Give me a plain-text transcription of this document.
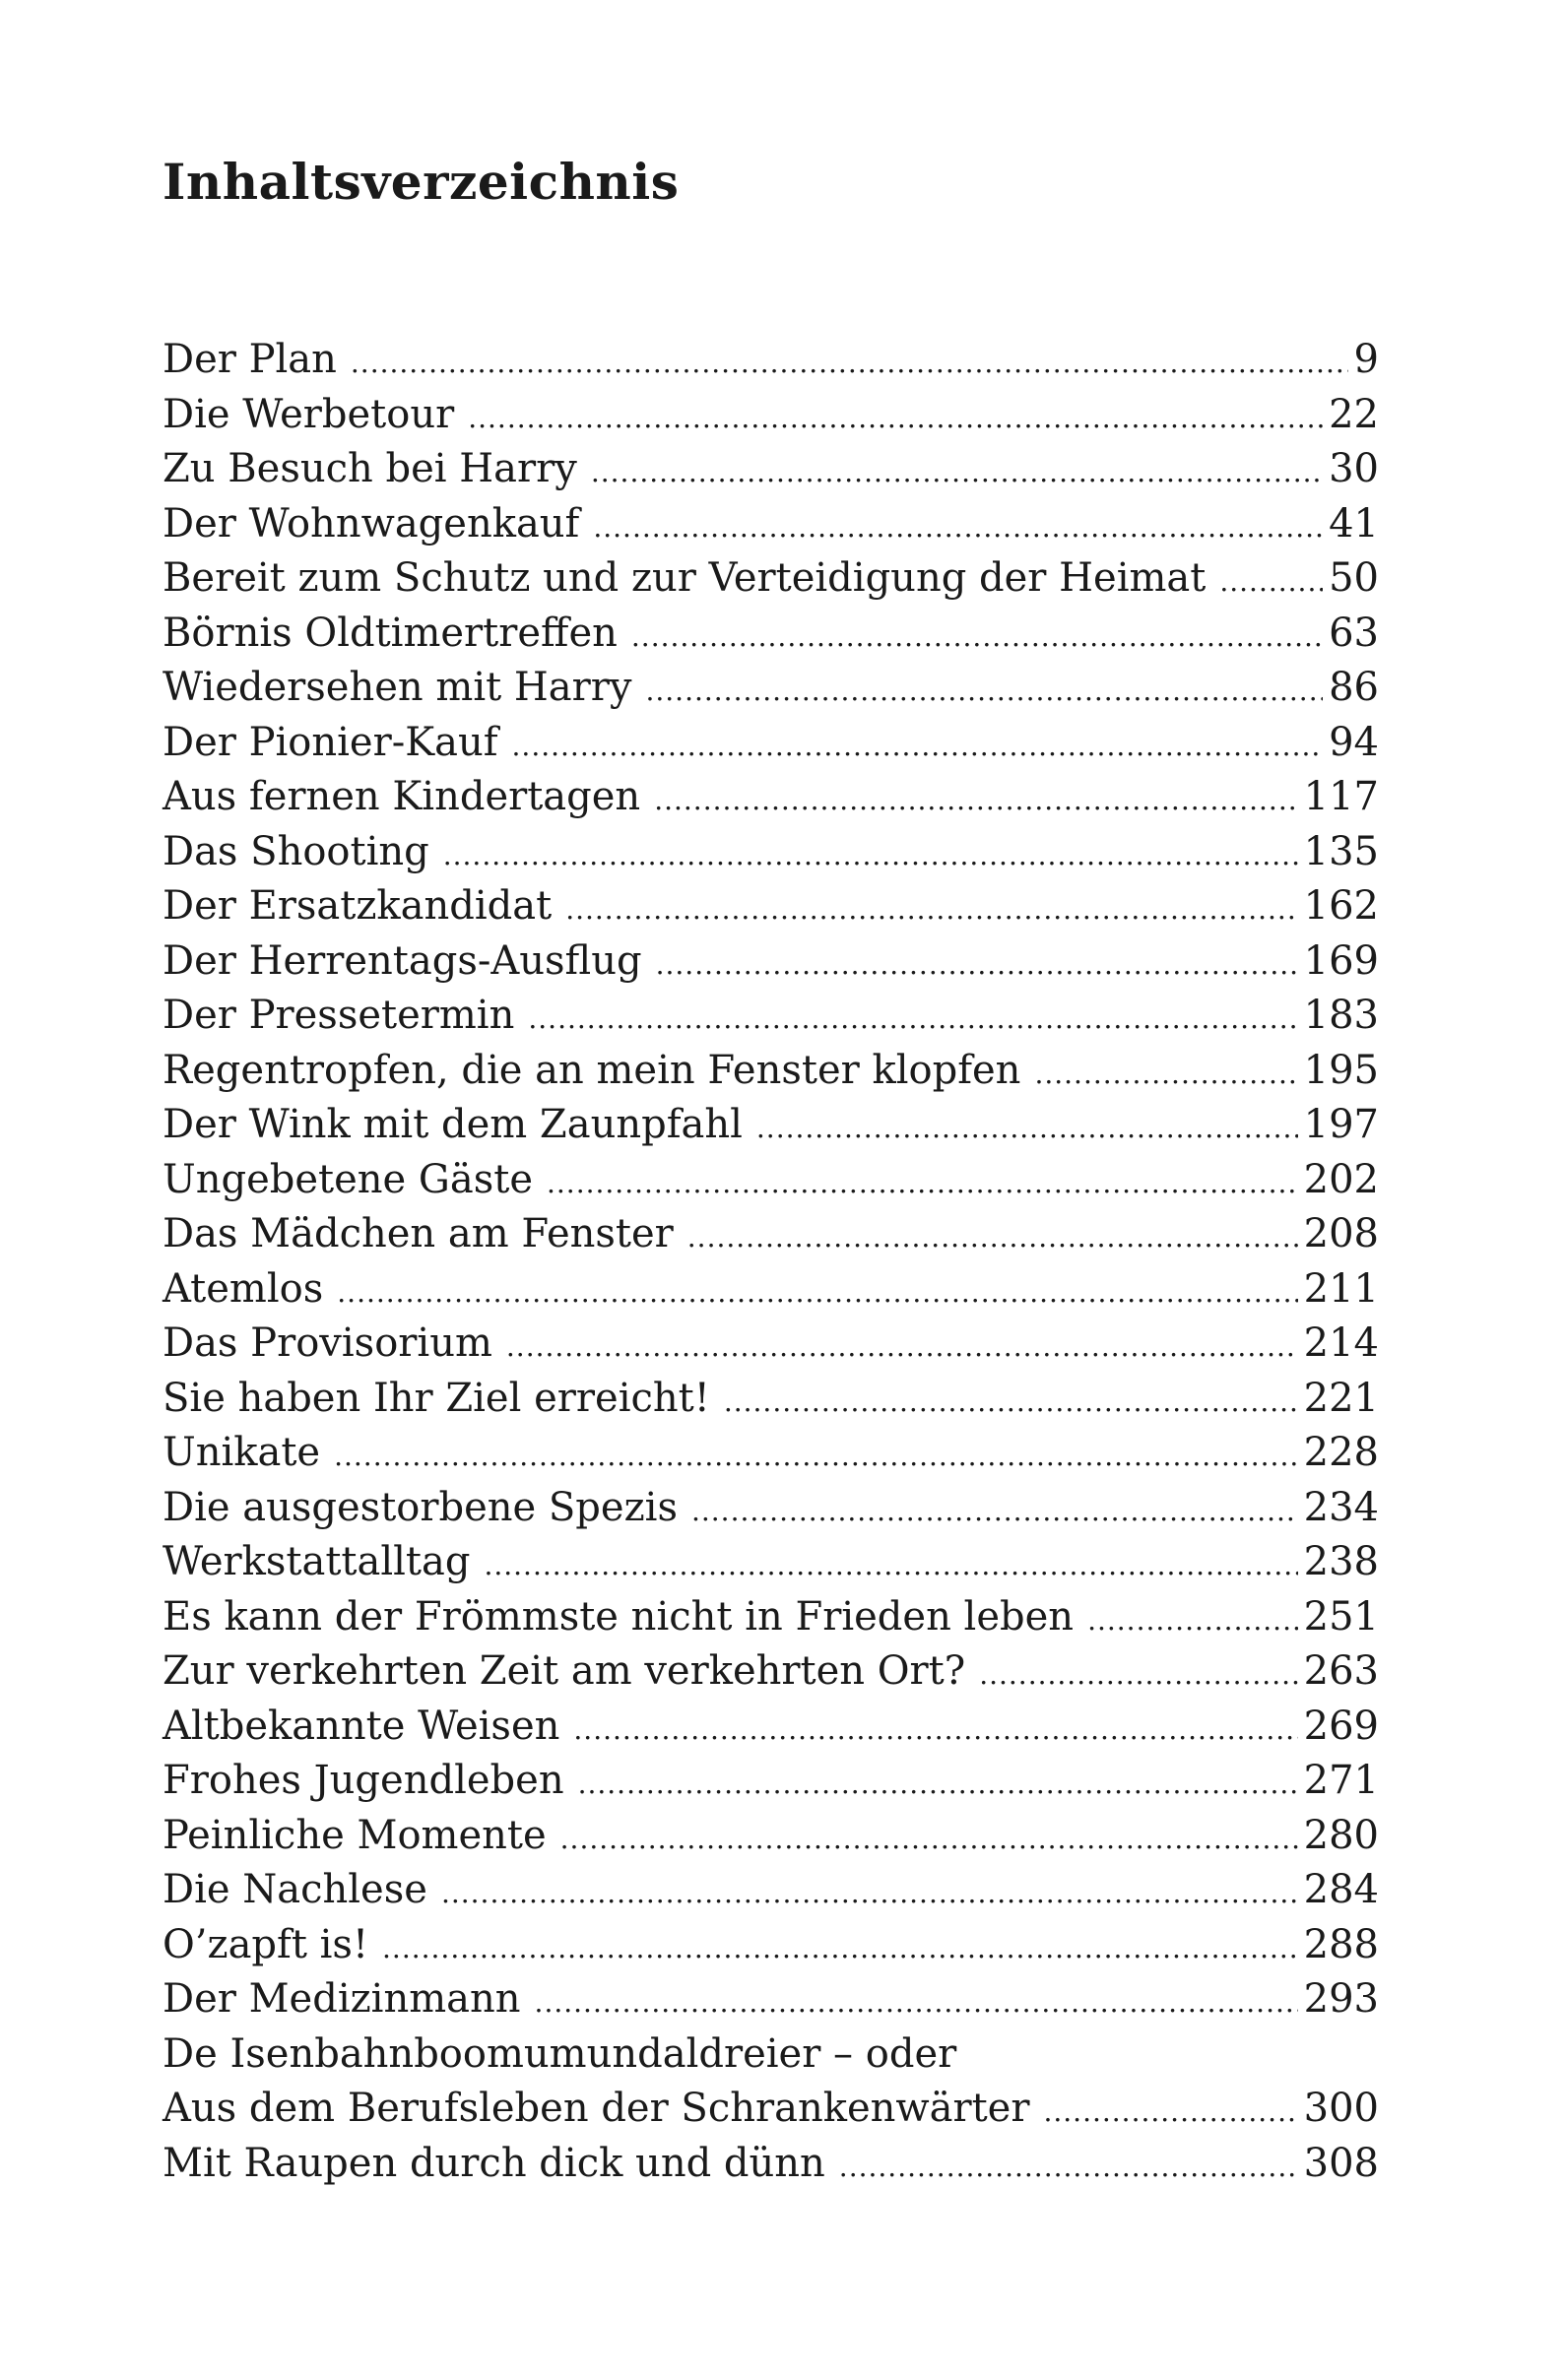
Inhaltsverzeichnis
Der Plan .....	9
Die Werbetour .....	22
Zu Besuch bei Harry .....	30
Der Wohnwagenkauf .....	41
Bereit zum Schutz und zur Verteidigung der Heimat .....	50
Börnis Oldtimertreffen .....	63
Wiedersehen mit Harry .....	86
Der Pionier-Kauf .....	94
Aus fernen Kindertagen .....	117
Das Shooting .....	135
Der Ersatzkandidat .....	162
Der Herrentags-Ausflug .....	169
Der Pressetermin .....	183
Regentropfen, die an mein Fenster klopfen .....	195
Der Wink mit dem Zaunpfahl .....	197
Ungebetene Gäste .....	202
Das Mädchen am Fenster .....	208
Atemlos .....	211
Das Provisorium .....	214
Sie haben Ihr Ziel erreicht! .....	221
Unikate .....	228
Die ausgestorbene Spezis .....	234
Werkstattalltag .....	238
Es kann der Frömmste nicht in Frieden leben .....	251
Zur verkehrten Zeit am verkehrten Ort? .....	263
Altbekannte Weisen .....	269
Frohes Jugendleben .....	271
Peinliche Momente .....	280
Die Nachlese .....	284
O’zapft is! .....	288
Der Medizinmann .....	293
De Isenbahnboomumundaldreier – oder
Aus dem Berufsleben der Schrankenwärter .....	300
Mit Raupen durch dick und dünn .....	308
